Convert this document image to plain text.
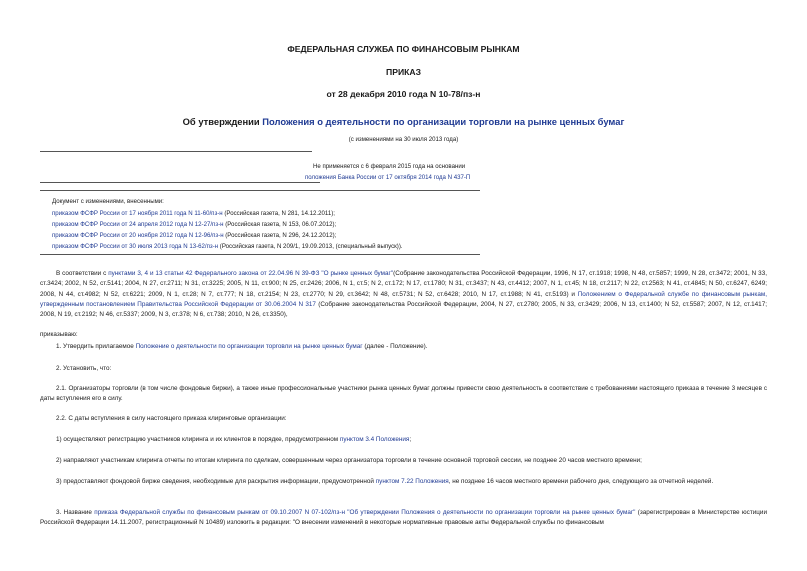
ФЕДЕРАЛЬНАЯ СЛУЖБА ПО ФИНАНСОВЫМ РЫНКАМ
ПРИКАЗ
от 28 декабря 2010 года N 10-78/пз-н
Об утверждении Положения о деятельности по организации торговли на рынке ценных бумаг
(с изменениями на 30 июля 2013 года)
Не применяется с 6 февраля 2015 года на основании
положения Банка России от 17 октября 2014 года N 437-П
Документ с изменениями, внесенными:
приказом ФСФР России от 17 ноября 2011 года N 11-60/пз-н (Российская газета, N 281, 14.12.2011);
приказом ФСФР России от 24 апреля 2012 года N 12-27/пз-н (Российская газета, N 153, 06.07.2012);
приказом ФСФР России от 20 ноября 2012 года N 12-96/пз-н (Российская газета, N 296, 24.12.2012);
приказом ФСФР России от 30 июля 2013 года N 13-62/пз-н (Российская газета, N 209/1, 19.09.2013, (специальный выпуск)).
В соответствии с пунктами 3, 4 и 13 статьи 42 Федерального закона от 22.04.96 N 39-ФЗ "О рынке ценных бумаг"(Собрание законодательства Российской Федерации, 1996, N 17, ст.1918; 1998, N 48, ст.5857; 1999, N 28, ст.3472; 2001, N 33, ст.3424; 2002, N 52, ст.5141; 2004, N 27, ст.2711; N 31, ст.3225; 2005, N 11, ст.900; N 25, ст.2426; 2006, N 1, ст.5; N 2, ст.172; N 17, ст.1780; N 31, ст.3437; N 43, ст.4412; 2007, N 1, ст.45; N 18, ст.2117; N 22, ст.2563; N 41, ст.4845; N 50, ст.6247, 6249; 2008, N 44, ст.4982; N 52, ст.6221; 2009, N 1, ст.28; N 7, ст.777; N 18, ст.2154; N 23, ст.2770; N 29, ст.3642; N 48, ст.5731; N 52, ст.6428; 2010, N 17, ст.1988; N 41, ст.5193) и Положением о Федеральной службе по финансовым рынкам, утвержденным постановлением Правительства Российской Федерации от 30.06.2004 N 317 (Собрание законодательства Российской Федерации, 2004, N 27, ст.2780; 2005, N 33, ст.3429; 2006, N 13, ст.1400; N 52, ст.5587; 2007, N 12, ст.1417; 2008, N 19, ст.2192; N 46, ст.5337; 2009, N 3, ст.378; N 6, ст.738; 2010, N 26, ст.3350),
приказываю:
1. Утвердить прилагаемое Положение о деятельности по организации торговли на рынке ценных бумаг (далее - Положение).
2. Установить, что:
2.1. Организаторы торговли (в том числе фондовые биржи), а также иные профессиональные участники рынка ценных бумаг должны привести свою деятельность в соответствие с требованиями настоящего приказа в течение 3 месяцев с даты вступления его в силу.
2.2. С даты вступления в силу настоящего приказа клиринговые организации:
1) осуществляют регистрацию участников клиринга и их клиентов в порядке, предусмотренном пунктом 3.4 Положения;
2) направляют участникам клиринга отчеты по итогам клиринга по сделкам, совершенным через организатора торговли в течение основной торговой сессии, не позднее 20 часов местного времени;
3) предоставляют фондовой бирже сведения, необходимые для раскрытия информации, предусмотренной пунктом 7.22 Положения, не позднее 16 часов местного времени рабочего дня, следующего за отчетной неделей.
3. Название приказа Федеральной службы по финансовым рынкам от 09.10.2007 N 07-102/пз-н "Об утверждении Положения о деятельности по организации торговли на рынке ценных бумаг" (зарегистрирован в Министерстве юстиции Российской Федерации 14.11.2007, регистрационный N 10489) изложить в редакции: "О внесении изменений в некоторые нормативные правовые акты Федеральной службы по финансовым
